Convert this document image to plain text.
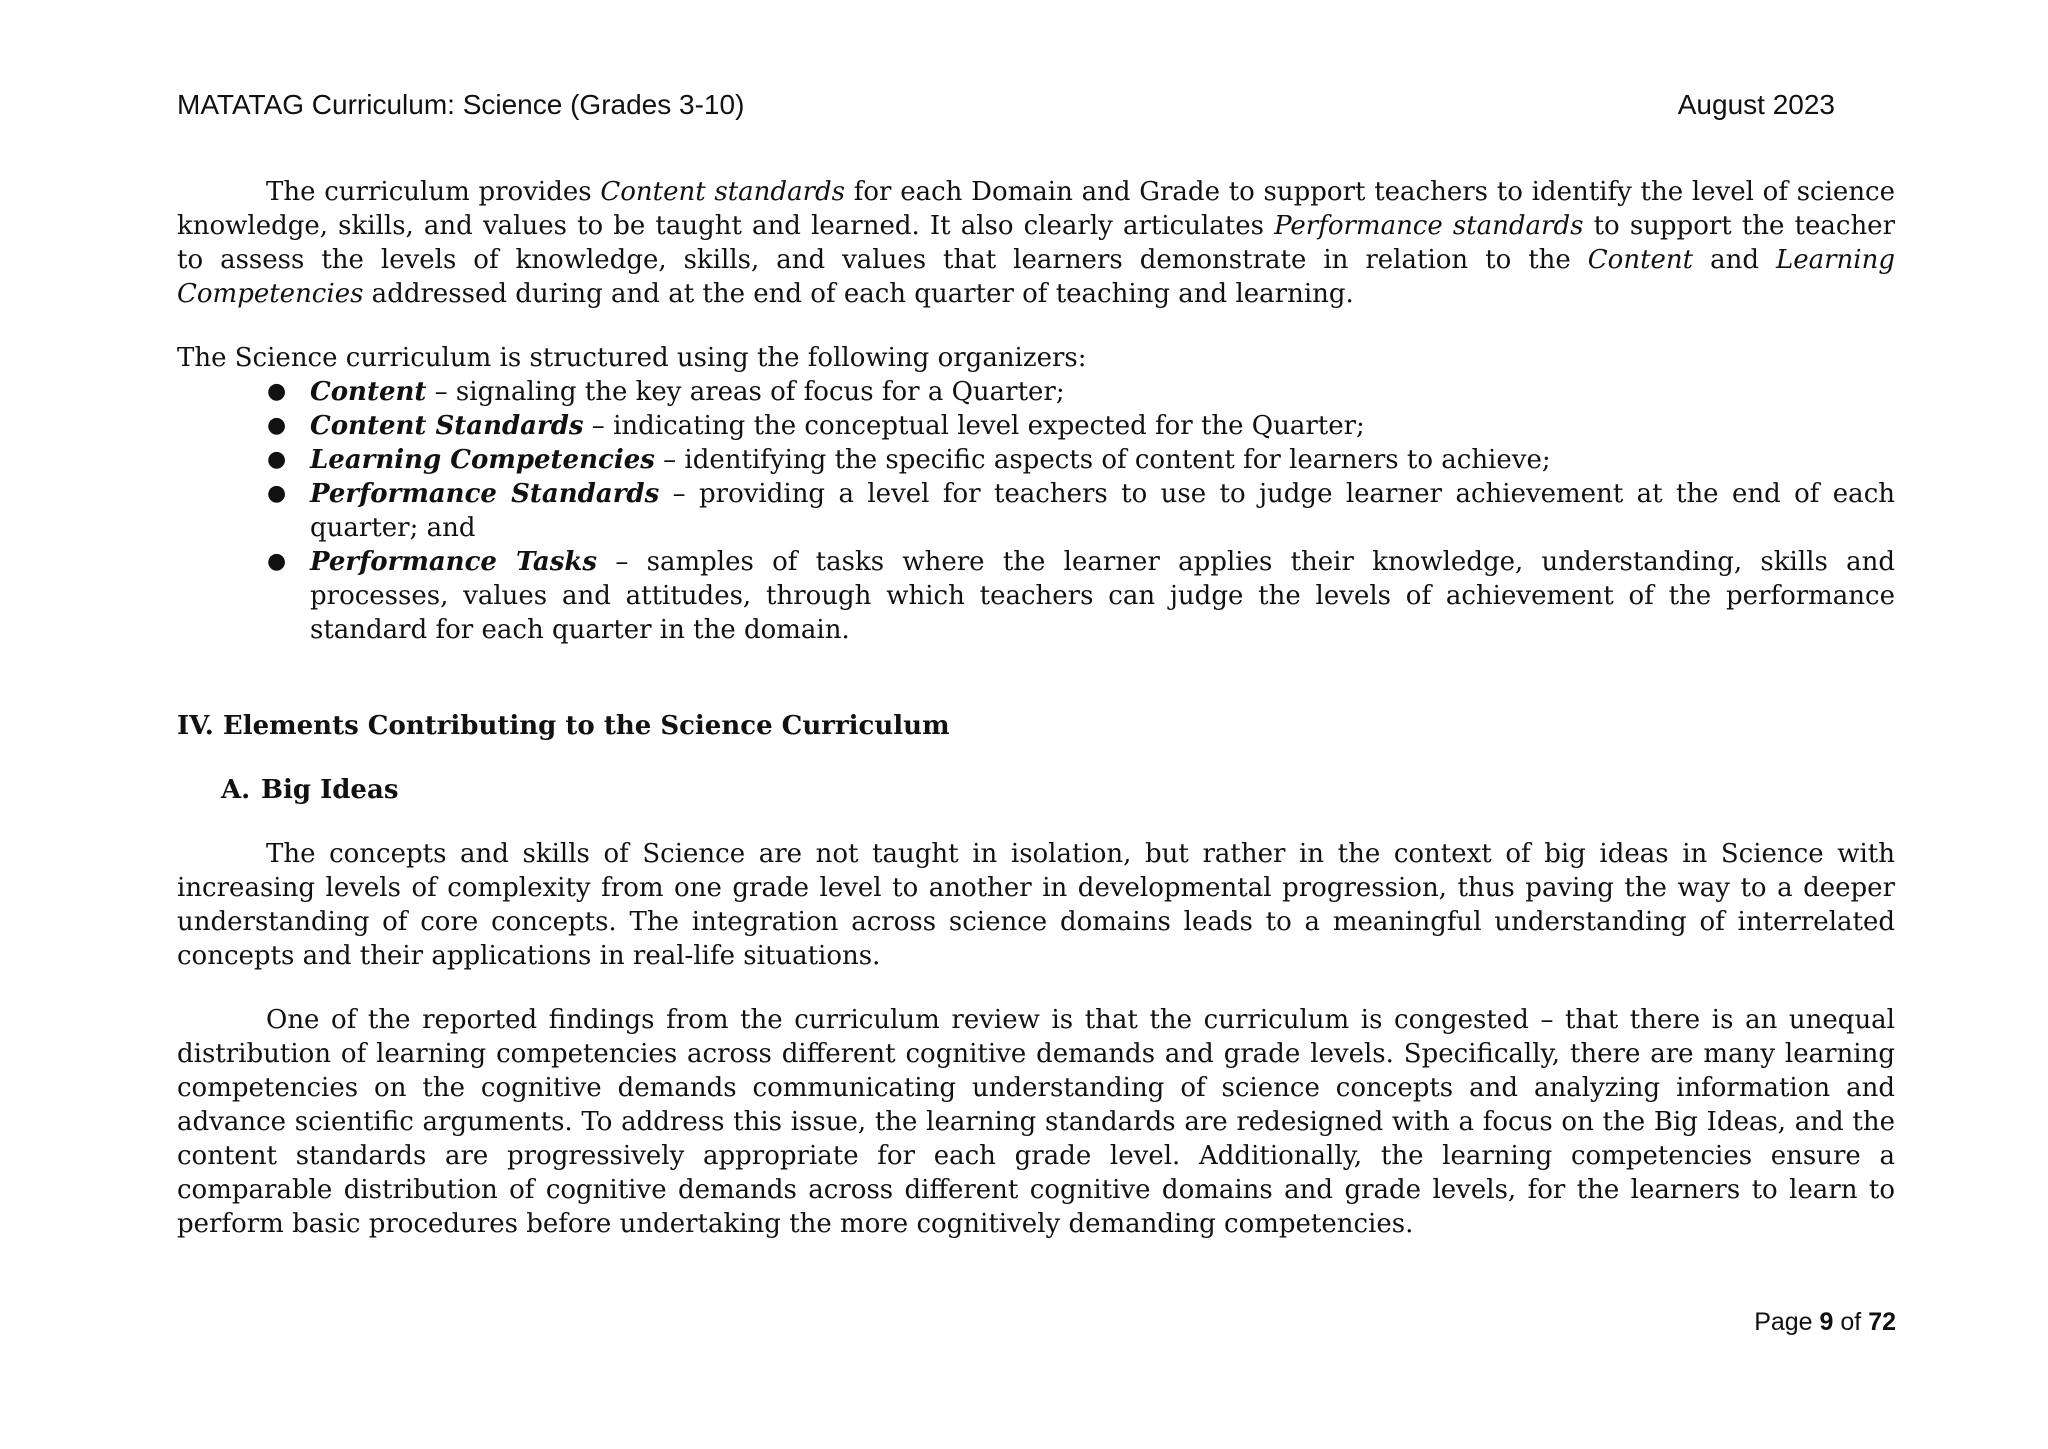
MATATAG Curriculum: Science (Grades 3-10)	August 2023

The curriculum provides Content standards for each Domain and Grade to support teachers to identify the level of science knowledge, skills, and values to be taught and learned. It also clearly articulates Performance standards to support the teacher to assess the levels of knowledge, skills, and values that learners demonstrate in relation to the Content and Learning Competencies addressed during and at the end of each quarter of teaching and learning.

The Science curriculum is structured using the following organizers:

● Content – signaling the key areas of focus for a Quarter;
● Content Standards – indicating the conceptual level expected for the Quarter;
● Learning Competencies – identifying the specific aspects of content for learners to achieve;
● Performance Standards – providing a level for teachers to use to judge learner achievement at the end of each quarter; and
● Performance Tasks – samples of tasks where the learner applies their knowledge, understanding, skills and processes, values and attitudes, through which teachers can judge the levels of achievement of the performance standard for each quarter in the domain.

IV. Elements Contributing to the Science Curriculum

A. Big Ideas

The concepts and skills of Science are not taught in isolation, but rather in the context of big ideas in Science with increasing levels of complexity from one grade level to another in developmental progression, thus paving the way to a deeper understanding of core concepts. The integration across science domains leads to a meaningful understanding of interrelated concepts and their applications in real-life situations.

One of the reported findings from the curriculum review is that the curriculum is congested – that there is an unequal distribution of learning competencies across different cognitive demands and grade levels. Specifically, there are many learning competencies on the cognitive demands communicating understanding of science concepts and analyzing information and advance scientific arguments. To address this issue, the learning standards are redesigned with a focus on the Big Ideas, and the content standards are progressively appropriate for each grade level. Additionally, the learning competencies ensure a comparable distribution of cognitive demands across different cognitive domains and grade levels, for the learners to learn to perform basic procedures before undertaking the more cognitively demanding competencies.

Page 9 of 72
